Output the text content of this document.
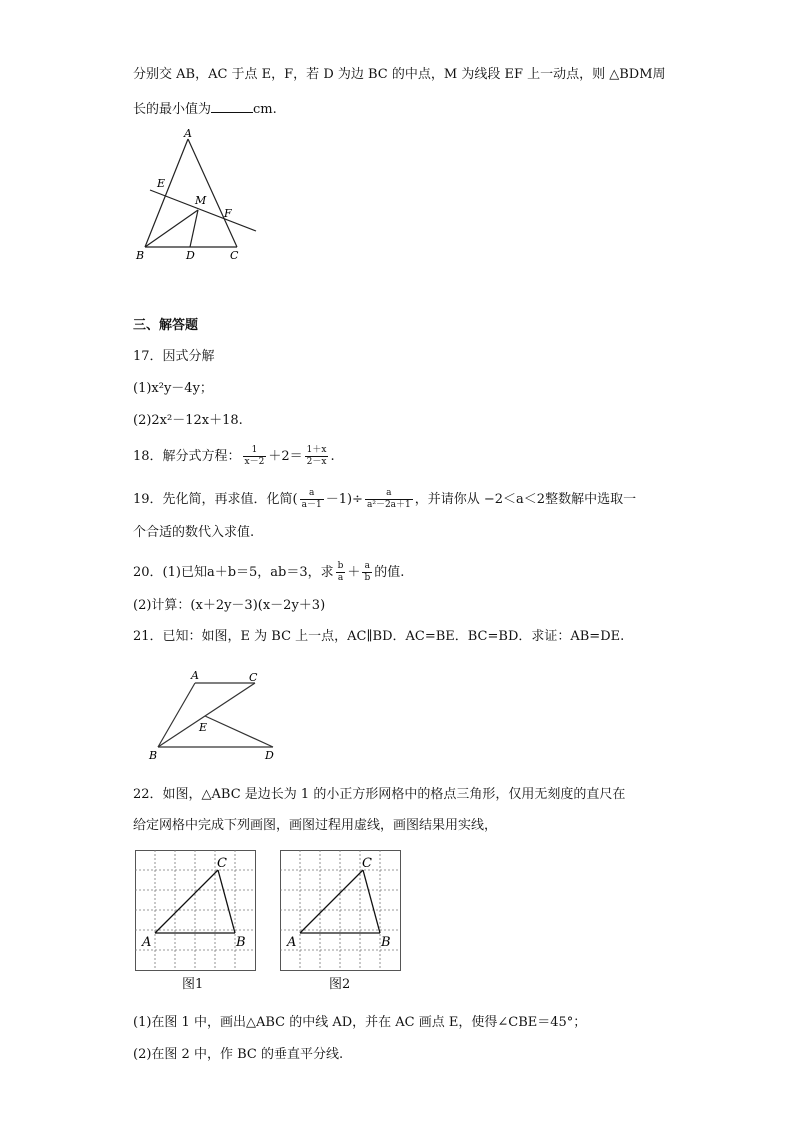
分别交 AB，AC 于点 E，F，若 D 为边 BC 的中点，M 为线段 EF 上一动点，则 △BDM周
长的最小值为	cm.
A
B	C
D
E
F
M
三、解答题
17．因式分解
(1)x²y－4y；
(2)2x²－12x＋18.
18．解分式方程： $\frac{1}{x-2} +2= \frac{1+x}{2-x}$ .
19．先化简，再求值．化简( $\frac{a}{a-1} -1)\div \frac{a}{\text{a²－2a＋1}}$ ，并请你从 −2＜a＜2整数解中选取一
个合适的数代入求值.
20．(1)已知a＋b＝5，ab＝3，求 $\frac{b}{a} + \frac{a}{b}$ 的值.
(2)计算：(x＋2y－3)(x－2y＋3)
21．已知：如图，E 为 BC 上一点，AC∥BD．AC=BE．BC=BD．求证：AB=DE.
A	C
B	D
E
22．如图，△ABC 是边长为 1 的小正方形网格中的格点三角形，仅用无刻度的直尺在
给定网格中完成下列画图，画图过程用虚线，画图结果用实线，
A	B
C
图1
A	B
C
图2
(1)在图 1 中，画出△ABC 的中线 AD，并在 AC 画点 E，使得∠CBE＝45°；
(2)在图 2 中，作 BC 的垂直平分线.
